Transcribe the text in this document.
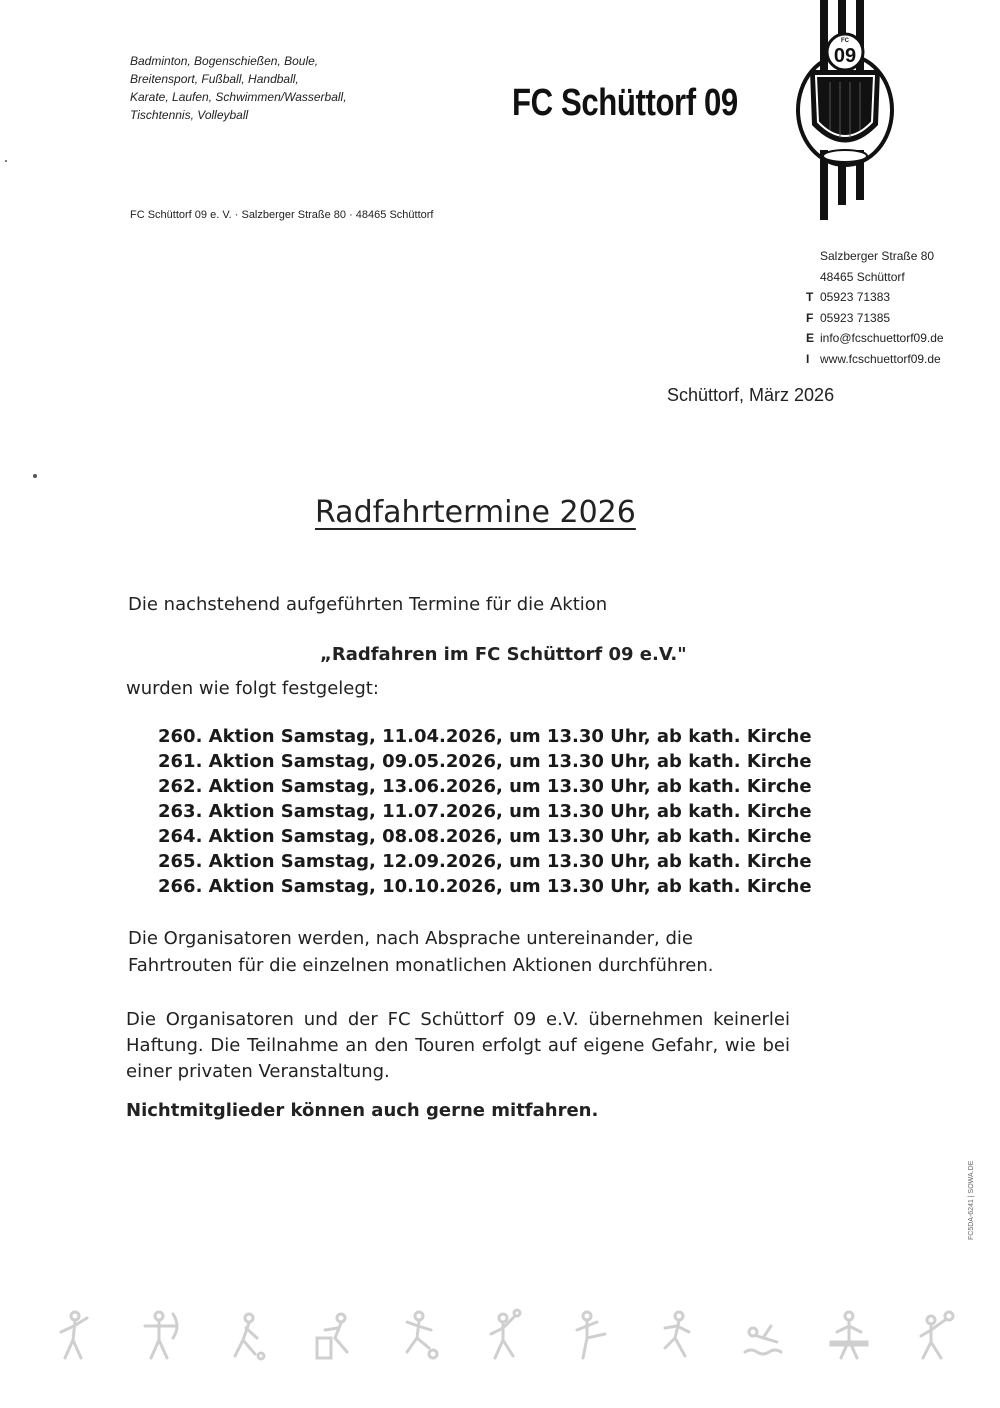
Badminton, Bogenschießen, Boule,
Breitensport, Fußball, Handball,
Karate, Laufen, Schwimmen/Wasserball,
Tischtennis, Volleyball	FC Schüttorf 09
FC
09
FC Schüttorf 09 e. V. · Salzberger Straße 80 · 48465 Schüttorf
Salzberger Straße 80
48465 Schüttorf
T 05923 71383
F 05923 71385
E info@fcschuettorf09.de
I www.fcschuettorf09.de
Schüttorf, März 2026
Radfahrtermine 2026
Die nachstehend aufgeführten Termine für die Aktion
„Radfahren im FC Schüttorf 09 e.V."
wurden wie folgt festgelegt:
260. Aktion Samstag, 11.04.2026, um 13.30 Uhr, ab kath. Kirche
261. Aktion Samstag, 09.05.2026, um 13.30 Uhr, ab kath. Kirche
262. Aktion Samstag, 13.06.2026, um 13.30 Uhr, ab kath. Kirche
263. Aktion Samstag, 11.07.2026, um 13.30 Uhr, ab kath. Kirche
264. Aktion Samstag, 08.08.2026, um 13.30 Uhr, ab kath. Kirche
265. Aktion Samstag, 12.09.2026, um 13.30 Uhr, ab kath. Kirche
266. Aktion Samstag, 10.10.2026, um 13.30 Uhr, ab kath. Kirche
Die Organisatoren werden, nach Absprache untereinander, die Fahrtrouten für die einzelnen monatlichen Aktionen durchführen.
Die Organisatoren und der FC Schüttorf 09 e.V. übernehmen keinerlei Haftung. Die Teilnahme an den Touren erfolgt auf eigene Gefahr, wie bei einer privaten Veranstaltung.
Nichtmitglieder können auch gerne mitfahren.
FC5DA-6241 | SOWA.DE
